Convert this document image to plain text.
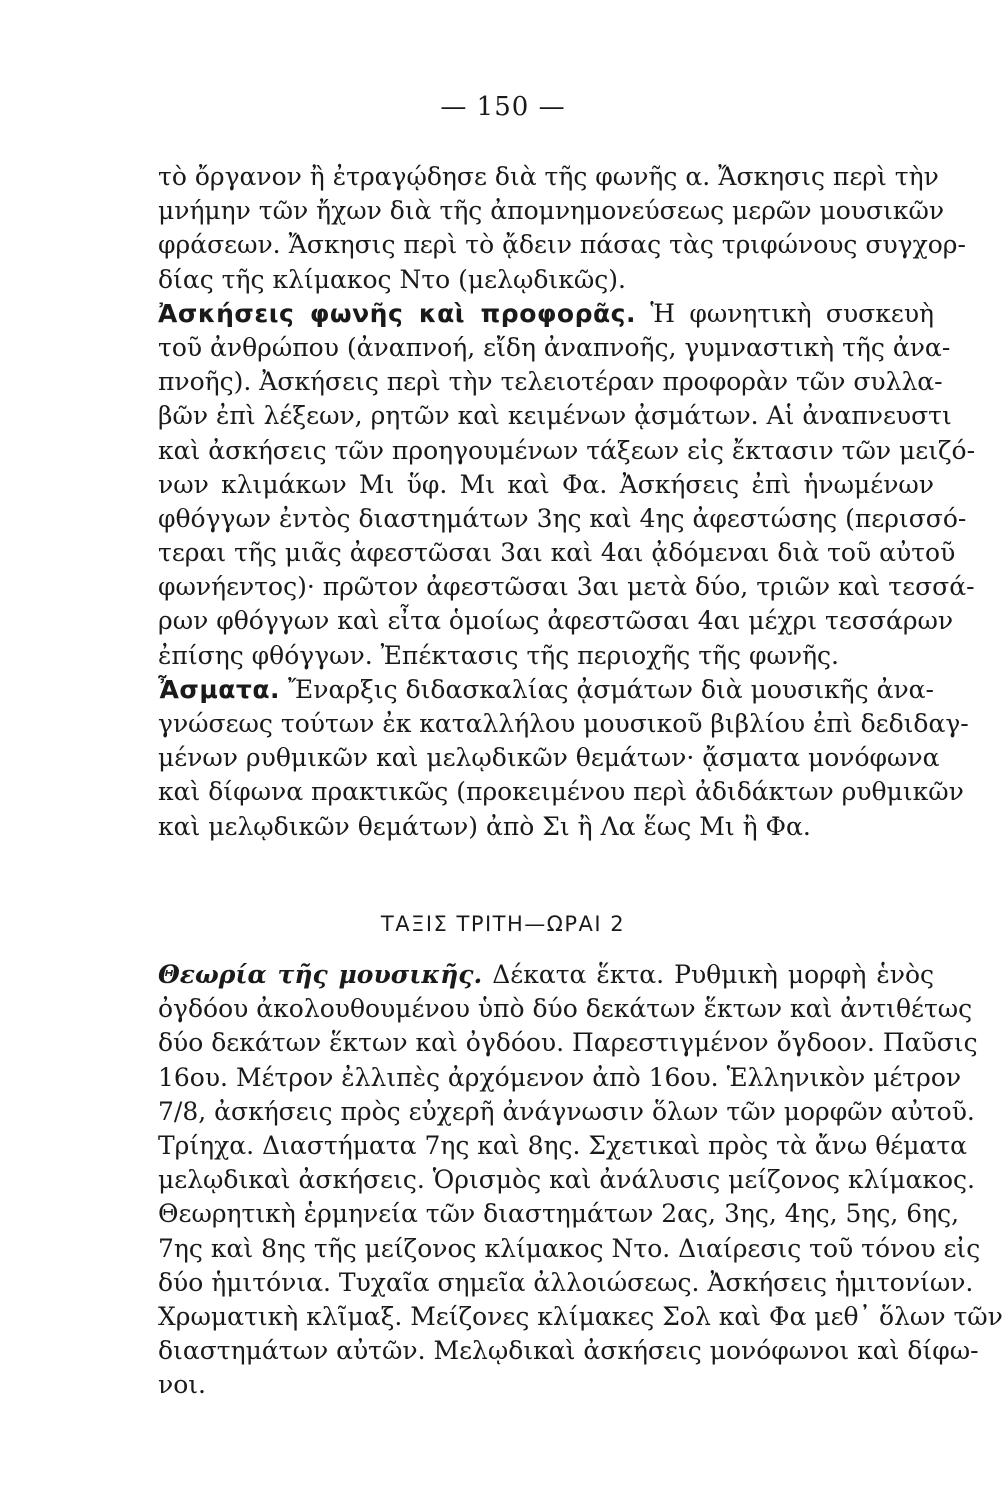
— 150 —
τὸ ὄργανον ἢ ἐτραγῴδησε διὰ τῆς φωνῆς α. Ἄσκησις περὶ τὴν
μνήμην τῶν ἤχων διὰ τῆς ἀπομνημονεύσεως μερῶν μουσικῶν
φράσεων. Ἄσκησις περὶ τὸ ᾄδειν πάσας τὰς τριφώνους συγχορ-
δίας τῆς κλίμακος Ντο (μελῳδικῶς).
Ἀσκήσεις φωνῆς καὶ προφορᾶς. Ἡ φωνητικὴ συσκευὴ
τοῦ ἀνθρώπου (ἀναπνοή, εἴδη ἀναπνοῆς, γυμναστικὴ τῆς ἀνα-
πνοῆς). Ἀσκήσεις περὶ τὴν τελειοτέραν προφορὰν τῶν συλλα-
βῶν ἐπὶ λέξεων, ρητῶν καὶ κειμένων ᾀσμάτων. Αἱ ἀναπνευστι
καὶ ἀσκήσεις τῶν προηγουμένων τάξεων εἰς ἔκτασιν τῶν μειζό-
νων κλιμάκων Μι ὕφ. Μι καὶ Φα. Ἀσκήσεις ἐπὶ ἡνωμένων
φθόγγων ἐντὸς διαστημάτων 3ης καὶ 4ης ἀφεστώσης (περισσό-
τεραι τῆς μιᾶς ἀφεστῶσαι 3αι καὶ 4αι ᾀδόμεναι διὰ τοῦ αὐτοῦ
φωνήεντος)· πρῶτον ἀφεστῶσαι 3αι μετὰ δύο, τριῶν καὶ τεσσά-
ρων φθόγγων καὶ εἶτα ὁμοίως ἀφεστῶσαι 4αι μέχρι τεσσάρων
ἐπίσης φθόγγων. Ἐπέκτασις τῆς περιοχῆς τῆς φωνῆς.
Ἆσματα. Ἔναρξις διδασκαλίας ᾀσμάτων διὰ μουσικῆς ἀνα-
γνώσεως τούτων ἐκ καταλλήλου μουσικοῦ βιβλίου ἐπὶ δεδιδαγ-
μένων ρυθμικῶν καὶ μελῳδικῶν θεμάτων· ᾄσματα μονόφωνα
καὶ δίφωνα πρακτικῶς (προκειμένου περὶ ἀδιδάκτων ρυθμικῶν
καὶ μελῳδικῶν θεμάτων) ἀπὸ Σι ἢ Λα ἕως Μι ἢ Φα.
ΤΑΞΙΣ ΤΡΙΤΗ—ΩΡΑΙ 2
Θεωρία τῆς μουσικῆς. Δέκατα ἕκτα. Ρυθμικὴ μορφὴ ἑνὸς
ὀγδόου ἀκολουθουμένου ὑπὸ δύο δεκάτων ἕκτων καὶ ἀντιθέτως
δύο δεκάτων ἕκτων καὶ ὀγδόου. Παρεστιγμένον ὄγδοον. Παῦσις
16ου. Μέτρον ἐλλιπὲς ἀρχόμενον ἀπὸ 16ου. Ἑλληνικὸν μέτρον
7/8, ἀσκήσεις πρὸς εὐχερῆ ἀνάγνωσιν ὅλων τῶν μορφῶν αὐτοῦ.
Τρίηχα. Διαστήματα 7ης καὶ 8ης. Σχετικαὶ πρὸς τὰ ἄνω θέματα
μελῳδικαὶ ἀσκήσεις. Ὁρισμὸς καὶ ἀνάλυσις μείζονος κλίμακος.
Θεωρητικὴ ἑρμηνεία τῶν διαστημάτων 2ας, 3ης, 4ης, 5ης, 6ης,
7ης καὶ 8ης τῆς μείζονος κλίμακος Ντο. Διαίρεσις τοῦ τόνου εἰς
δύο ἡμιτόνια. Τυχαῖα σημεῖα ἀλλοιώσεως. Ἀσκήσεις ἡμιτονίων.
Χρωματικὴ κλῖμαξ. Μείζονες κλίμακες Σολ καὶ Φα μεθ᾽ ὅλων τῶν
διαστημάτων αὐτῶν. Μελῳδικαὶ ἀσκήσεις μονόφωνοι καὶ δίφω-
νοι.
